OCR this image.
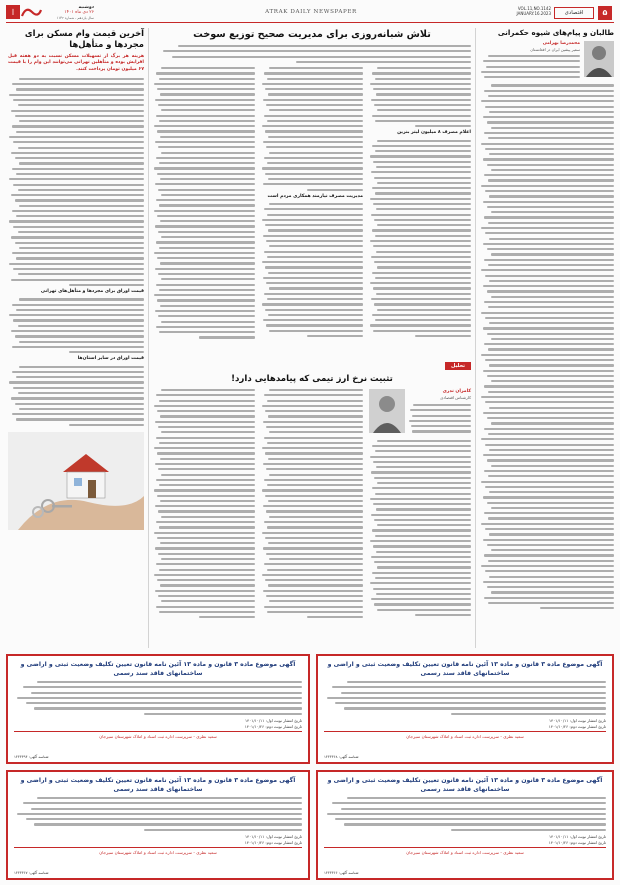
ا
دوشنبه
۲۶ دی ماه ۱۴۰۱
سال یازدهم ، شماره ۱۱۴۲
ATRAK DAILY NEWSPAPER
VOL.11,NO.1142
JANUARY.16.2023	اقتصادی	۵
آخرین قیمت وام مسکن برای مجردها و متأهل‌ها
هزینه هر برگ از تسهیلات مسکن نسبت به دو هفته قبل افزایش بوده و متأهلین تهرانی می‌توانند این وام را با قیمت ۶۷ میلیون تومان پرداخت کنند.
قیمت اوراق برای مجردها و متأهل‌های تهرانی
قیمت اوراق در سایر استان‌ها
تلاش شبانه‌روزی برای مدیریت صحیح توزیع سوخت
مدیریت مصرف نیازمند همکاری مردم است
اعلام مصرف ۸ میلیون لیتر بنزین
تحلیل
تثبیت نرخ ارز تیمی که پیامدهایی دارد!
کامران ندری
کارشناس اقتصادی
طالبان و پیام‌های شیوه حکمرانی
محمدرضا بهرامی
سفیر پیشین ایران در افغانستان
آگهی موضوع ماده ۳ قانون و ماده ۱۳ آئین نامه قانون تعیین تکلیف وضعیت ثبتی و اراضی و ساختمانهای فاقد سند رسمی
تاریخ انتشار نوبت اول: ۱۴۰۱/۱۰/۱۱
تاریخ انتشار نوبت دوم: ۱۴۰۱/۱۰/۲۶
سعید نظری - سرپرست اداره ثبت اسناد و املاک شهرستان سیرجان
شناسه آگهی: ۱۴۴۳۳۶۸
آگهی موضوع ماده ۳ قانون و ماده ۱۳ آئین نامه قانون تعیین تکلیف وضعیت ثبتی و اراضی و ساختمانهای فاقد سند رسمی
تاریخ انتشار نوبت اول: ۱۴۰۱/۱۰/۱۱
تاریخ انتشار نوبت دوم: ۱۴۰۱/۱۰/۲۶
سعید نظری - سرپرست اداره ثبت اسناد و املاک شهرستان سیرجان
شناسه آگهی: ۱۴۴۳۳۹۴
آگهی موضوع ماده ۳ قانون و ماده ۱۳ آئین نامه قانون تعیین تکلیف وضعیت ثبتی و اراضی و ساختمانهای فاقد سند رسمی
تاریخ انتشار نوبت اول: ۱۴۰۱/۱۰/۱۱
تاریخ انتشار نوبت دوم: ۱۴۰۱/۱۰/۲۶
سعید نظری - سرپرست اداره ثبت اسناد و املاک شهرستان سیرجان
شناسه آگهی: ۱۴۴۳۳۶۶
آگهی موضوع ماده ۳ قانون و ماده ۱۳ آئین نامه قانون تعیین تکلیف وضعیت ثبتی و اراضی و ساختمانهای فاقد سند رسمی
تاریخ انتشار نوبت اول: ۱۴۰۱/۱۰/۱۱
تاریخ انتشار نوبت دوم: ۱۴۰۱/۱۰/۲۶
سعید نظری - سرپرست اداره ثبت اسناد و املاک شهرستان سیرجان
شناسه آگهی: ۱۴۴۳۳۶۷
